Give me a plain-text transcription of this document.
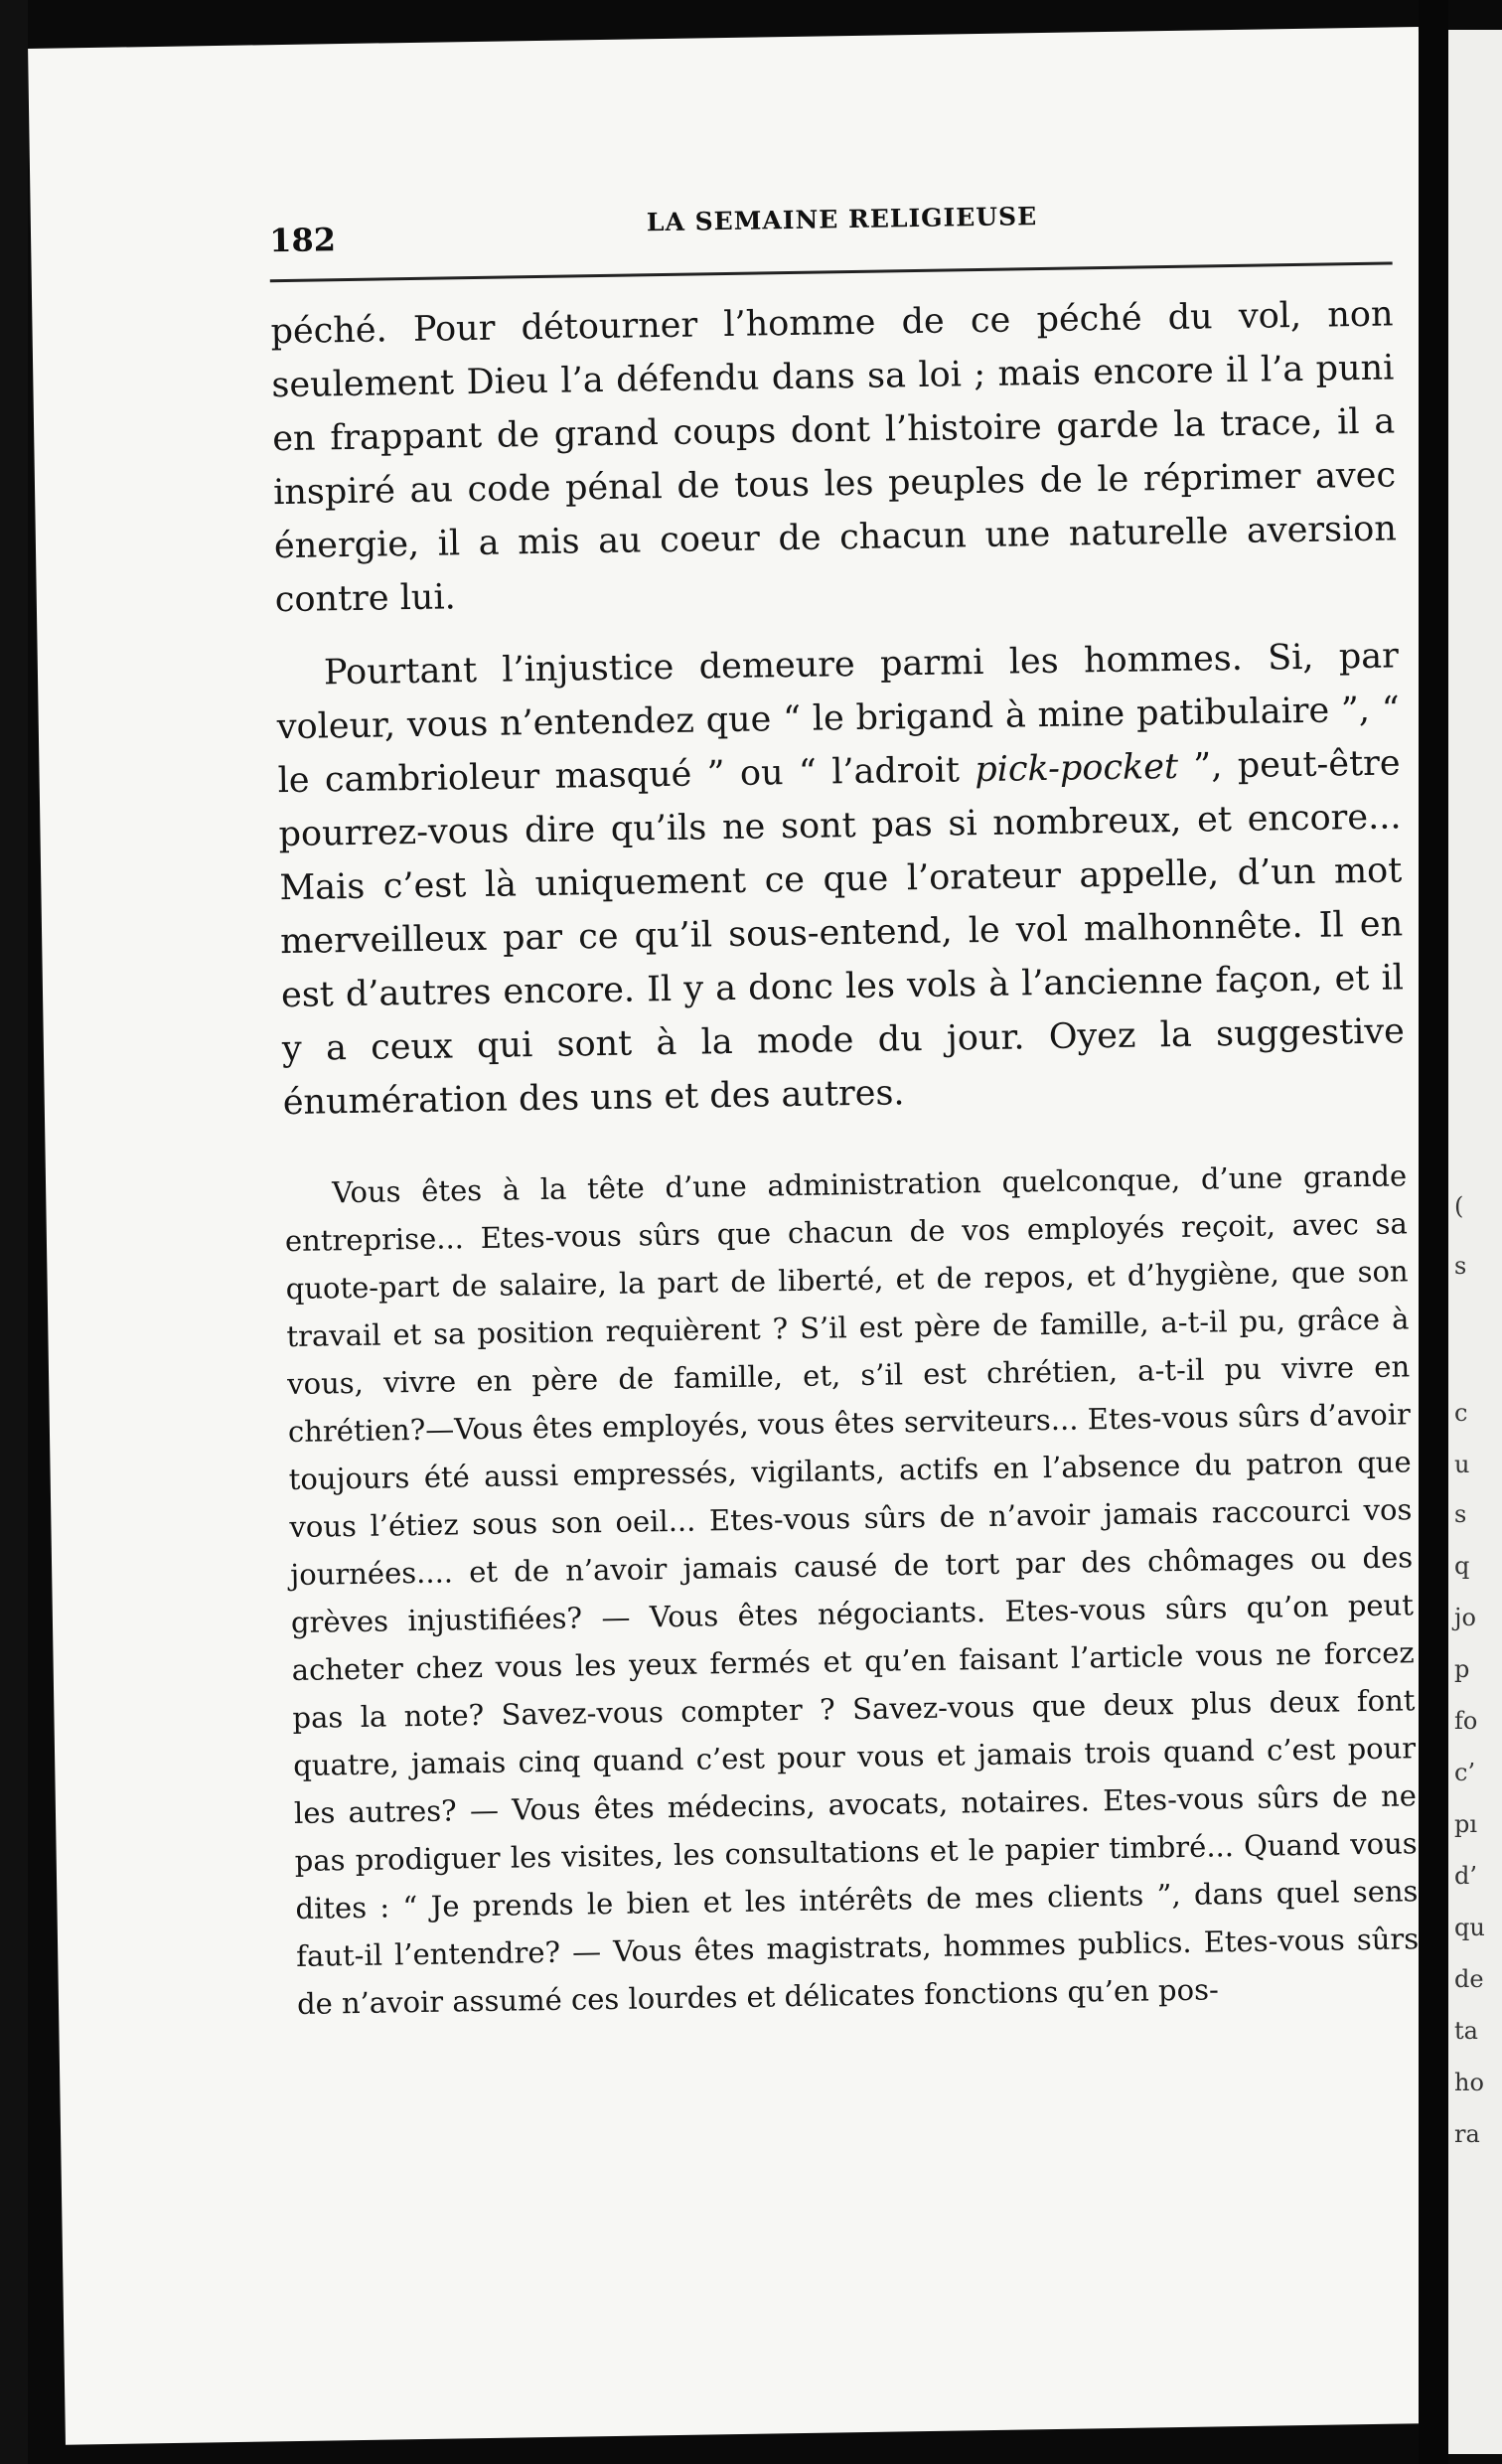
182
LA SEMAINE RELIGIEUSE

péché. Pour détourner l’homme de ce péché du vol, non seulement Dieu l’a défendu dans sa loi ; mais encore il l’a puni en frappant de grand coups dont l’histoire garde la trace, il a inspiré au code pénal de tous les peuples de le réprimer avec énergie, il a mis au coeur de chacun une naturelle aversion contre lui.

Pourtant l’injustice demeure parmi les hommes. Si, par voleur, vous n’entendez que “ le brigand à mine patibulaire ”, “ le cambrioleur masqué ” ou “ l’adroit pick-pocket ”, peut-être pourrez-vous dire qu’ils ne sont pas si nombreux, et encore... Mais c’est là uniquement ce que l’orateur appelle, d’un mot merveilleux par ce qu’il sous-entend, le vol malhonnête. Il en est d’autres encore. Il y a donc les vols à l’ancienne façon, et il y a ceux qui sont à la mode du jour. Oyez la suggestive énumération des uns et des autres.

Vous êtes à la tête d’une administration quelconque, d’une grande entreprise... Etes-vous sûrs que chacun de vos employés reçoit, avec sa quote-part de salaire, la part de liberté, et de repos, et d’hygiène, que son travail et sa position requièrent ? S’il est père de famille, a-t-il pu, grâce à vous, vivre en père de famille, et, s’il est chrétien, a-t-il pu vivre en chrétien?—Vous êtes employés, vous êtes serviteurs... Etes-vous sûrs d’avoir toujours été aussi empressés, vigilants, actifs en l’absence du patron que vous l’étiez sous son oeil... Etes-vous sûrs de n’avoir jamais raccourci vos journées.... et de n’avoir jamais causé de tort par des chômages ou des grèves injustifiées? — Vous êtes négociants. Etes-vous sûrs qu’on peut acheter chez vous les yeux fermés et qu’en faisant l’article vous ne forcez pas la note? Savez-vous compter ? Savez-vous que deux plus deux font quatre, jamais cinq quand c’est pour vous et jamais trois quand c’est pour les autres? — Vous êtes médecins, avocats, notaires. Etes-vous sûrs de ne pas prodiguer les visites, les consultations et le papier timbré... Quand vous dites : “ Je prends le bien et les intérêts de mes clients ”, dans quel sens faut-il l’entendre? — Vous êtes magistrats, hommes publics. Etes-vous sûrs de n’avoir assumé ces lourdes et délicates fonctions qu’en pos-

(
s
c
u
s
q
jo
p
fo
c’
pı
d’
qu
de
ta
ho
ra
